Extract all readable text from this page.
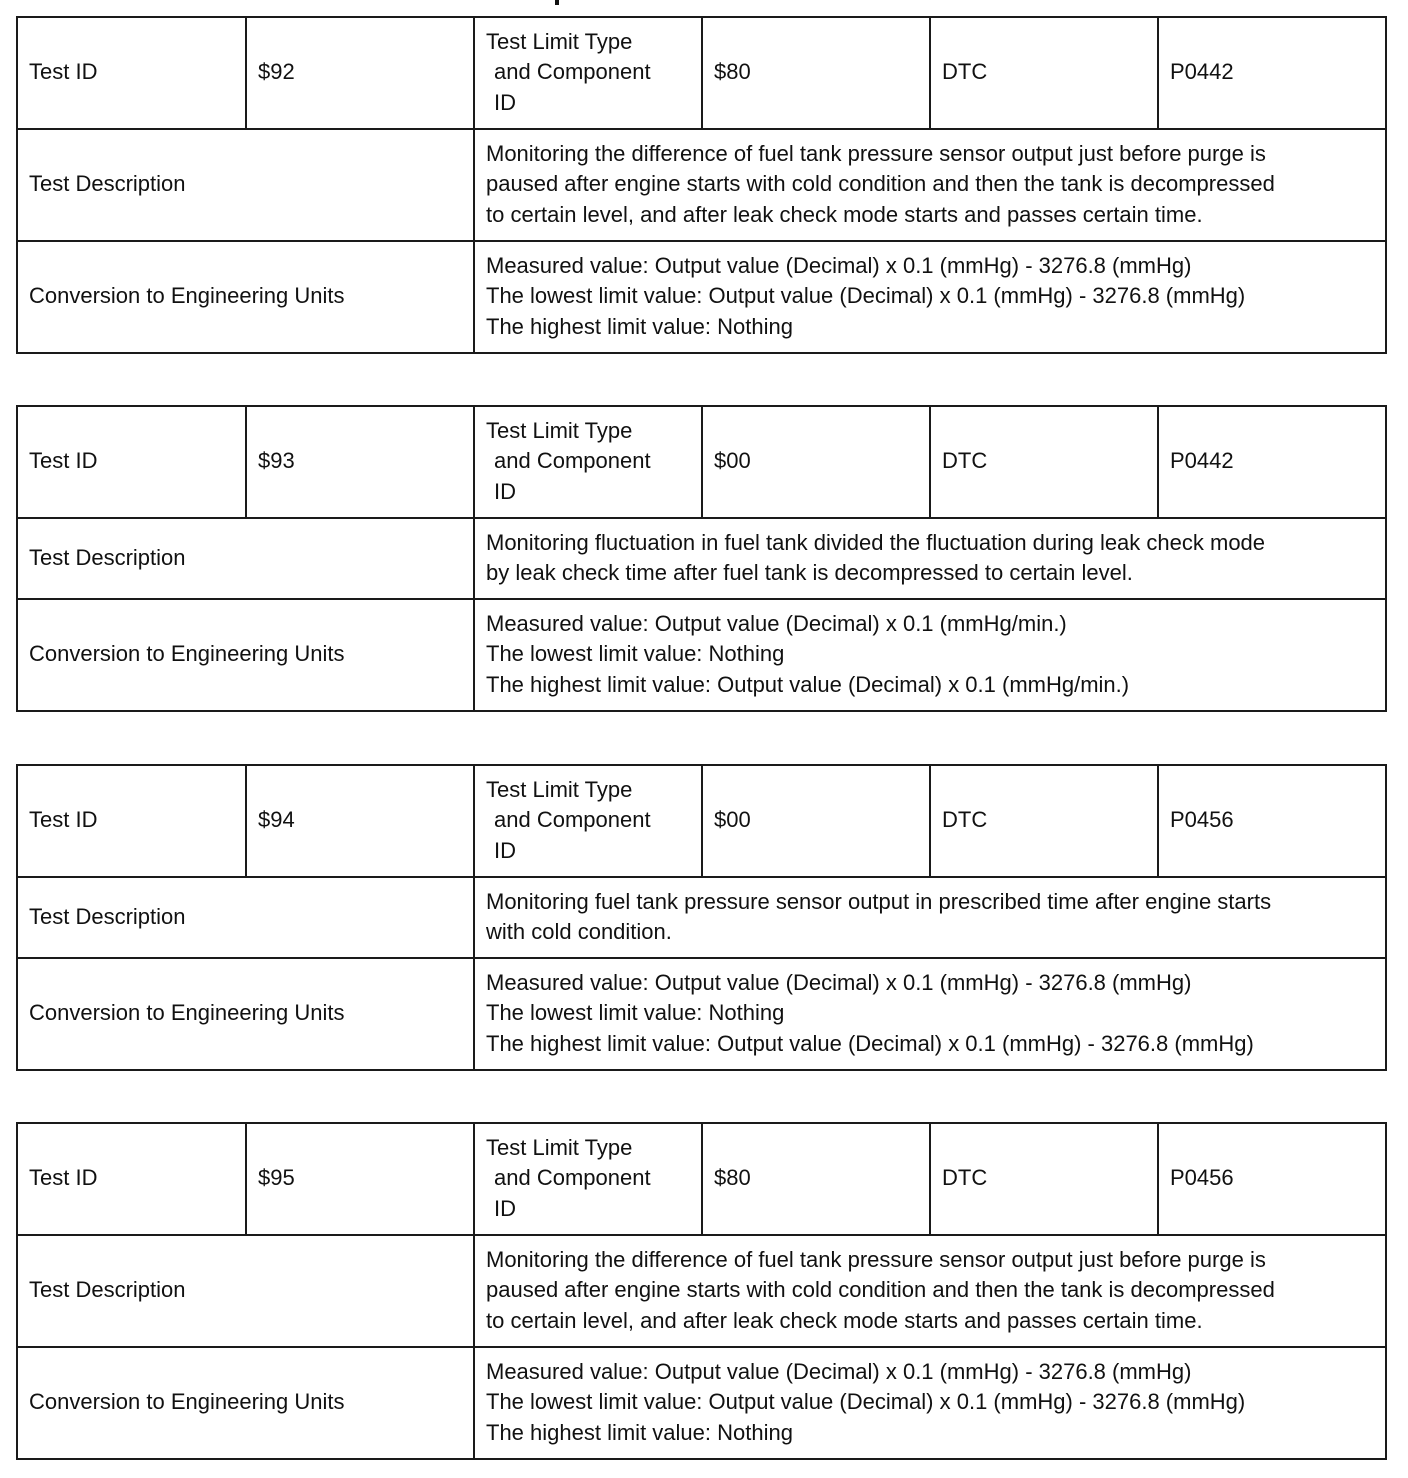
Test ID	$92	Test Limit Type
and Component
ID	$80	DTC	P0442
Test Description		Monitoring the difference of fuel tank pressure sensor output just before purge is
paused after engine starts with cold condition and then the tank is decompressed
to certain level, and after leak check mode starts and passes certain time.			

Conversion to Engineering Units		Measured value: Output value (Decimal) x 0.1 (mmHg) - 3276.8 (mmHg)
The lowest limit value: Output value (Decimal) x 0.1 (mmHg) - 3276.8 (mmHg)
The highest limit value: Nothing			
Test ID	$93	Test Limit Type
and Component
ID	$00	DTC	P0442
Test Description		Monitoring fluctuation in fuel tank divided the fluctuation during leak check mode
by leak check time after fuel tank is decompressed to certain level.			

Conversion to Engineering Units		Measured value: Output value (Decimal) x 0.1 (mmHg/min.)
The lowest limit value: Nothing
The highest limit value: Output value (Decimal) x 0.1 (mmHg/min.)			
Test ID	$94	Test Limit Type
and Component
ID	$00	DTC	P0456
Test Description		Monitoring fuel tank pressure sensor output in prescribed time after engine starts
with cold condition.			

Conversion to Engineering Units		Measured value: Output value (Decimal) x 0.1 (mmHg) - 3276.8 (mmHg)
The lowest limit value: Nothing
The highest limit value: Output value (Decimal) x 0.1 (mmHg) - 3276.8 (mmHg)			
Test ID	$95	Test Limit Type
and Component
ID	$80	DTC	P0456
Test Description		Monitoring the difference of fuel tank pressure sensor output just before purge is
paused after engine starts with cold condition and then the tank is decompressed
to certain level, and after leak check mode starts and passes certain time.			

Conversion to Engineering Units		Measured value: Output value (Decimal) x 0.1 (mmHg) - 3276.8 (mmHg)
The lowest limit value: Output value (Decimal) x 0.1 (mmHg) - 3276.8 (mmHg)
The highest limit value: Nothing			
